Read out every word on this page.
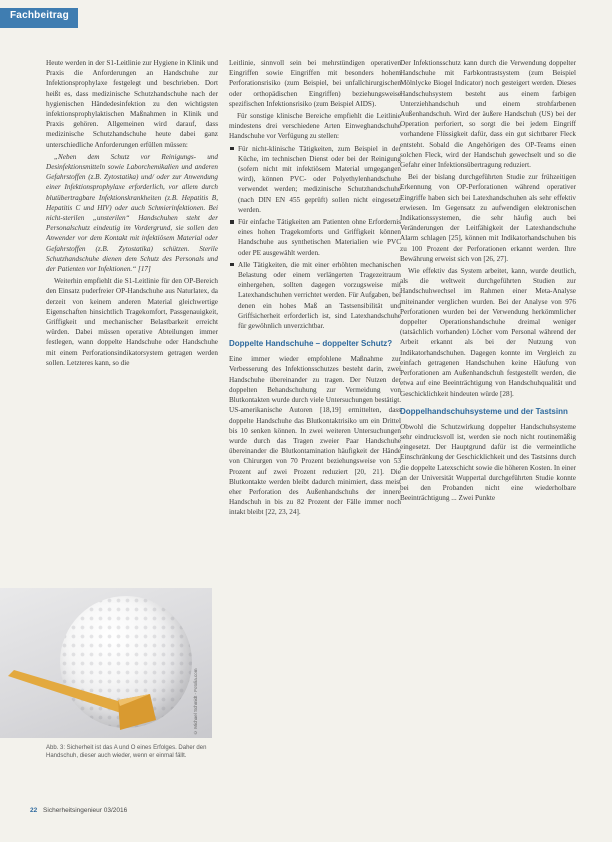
Fachbeitrag

Heute werden in der S1-Leitlinie zur Hygiene in Klinik und Praxis die Anforderungen an Handschuhe zur Infektionsprophylaxe festgelegt und beschrieben. Dort heißt es, dass medizinische Schutzhandschuhe nach der hygienischen Händedesinfektion zu den wichtigsten infektionsprophylaktischen Maßnahmen in Klinik und Praxis gehören. Allgemeinen wird darauf, dass medizinische Schutzhandschuhe heute dabei ganz unterschiedliche Anforderungen erfüllen müssen:

„Neben dem Schutz vor Reinigungs- und Desinfektionsmitteln sowie Laborchemikalien und anderen Gefahrstoffen (z.B. Zytostatika) und/ oder zur Anwendung einer Infektionsprophylaxe erforderlich, vor allem durch blutübertragbare Infektionskrankheiten (z.B. Hepatitis B, Hepatitis C und HIV) oder auch Schmierinfektionen. Bei nicht-sterilen „unsterilen“ Handschuhen steht der Personalschutz eindeutig im Vordergrund, sie sollen den Anwender vor dem Kontakt mit infektiösem Material oder Gefahrstoffen (z.B. Zytostatika) schützen. Sterile Schutzhandschuhe dienen dem Schutz des Personals und der Patienten vor Infektionen.“ [17]

Weiterhin empfiehlt die S1-Leitlinie für den OP-Bereich den Einsatz puderfreier OP-Handschuhe aus Naturlatex, da derzeit von keinem anderen Material gleichwertige Eigenschaften hinsichtlich Tragekomfort, Passgenauigkeit, Griffigkeit und mechanischer Belastbarkeit erreicht würden. Dabei müssen operative Abteilungen immer festlegen, wann doppelte Handschuhe oder Handschuhe mit einem Perforationsindikatorsystem getragen werden sollen. Letzteres kann, so die

Leitlinie, sinnvoll sein bei mehrstündigen operativen Eingriffen sowie Eingriffen mit besonders hohem Perforationsrisiko (zum Beispiel, bei unfallchirurgischen oder orthopädischen Eingriffen) beziehungsweise spezifischen Infektionsrisiko (zum Beispiel AIDS).

Für sonstige klinische Bereiche empfiehlt die Leitlinie mindestens drei verschiedene Arten Einweghandschuhe Handschuhe vor Verfügung zu stellen:

Für nicht-klinische Tätigkeiten, zum Beispiel in der Küche, im technischen Dienst oder bei der Reinigung (sofern nicht mit infektiösem Material umgegangen wird), können PVC- oder Polyethylenhandschuhe verwendet werden; medizinische Schutzhandschuhe (nach DIN EN 455 geprüft) sollen nicht eingesetzt werden.
Für einfache Tätigkeiten am Patienten ohne Erfordernis eines hohen Tragekomforts und Griffigkeit können Handschuhe aus synthetischen Materialien wie PVC oder PE ausgewählt werden.
Alle Tätigkeiten, die mit einer erhöhten mechanischen Belastung oder einem verlängerten Tragezeitraum einhergehen, sollten dagegen vorzugsweise mit Latexhandschuhen verrichtet werden. Für Aufgaben, bei denen ein hohes Maß an Tastsensibilität und Griffsicherheit erforderlich ist, sind Latexhandschuhe für gewöhnlich unverzichtbar.
Doppelte Handschuhe – doppelter Schutz?

Eine immer wieder empfohlene Maßnahme zur Verbesserung des Infektionsschutzes besteht darin, zwei Handschuhe übereinander zu tragen. Der Nutzen der doppelten Behandschuhung zur Vermeidung von Blutkontakten wurde durch viele Untersuchungen bestätigt. US-amerikanische Autoren [18,19] ermittelten, dass doppelte Handschuhe das Blutkontaktrisiko um ein Drittel bis 10 senken können. In zwei weiteren Untersuchungen wurde durch das Tragen zweier Paar Handschuhe übereinander die Blutkontamination häufigkeit der Hände von Chirurgen von 70 Prozent beziehungsweise von 53 Prozent auf zwei Prozent reduziert [20, 21]. Die Blutkontakte werden bleibt dadurch minimiert, dass meist eher Perforation des Außenhandschuhs der innere Handschuh in bis zu 82 Prozent der Fälle immer noch intakt bleibt [22, 23, 24].

Der Infektionsschutz kann durch die Verwendung doppelter Handschuhe mit Farbkontrastsystem (zum Beispiel Mölnlycke Biogel Indicator) noch gesteigert werden. Dieses Handschuhsystem besteht aus einem farbigen Unterziehhandschuh und einem strohfarbenen Außenhandschuh. Wird der äußere Handschuh (US) bei der Operation perforiert, so sorgt die bei jedem Eingriff vorhandene Flüssigkeit dafür, dass ein gut sichtbarer Fleck entsteht. Sobald die Angehörigen des OP-Teams einen solchen Fleck, wird der Handschuh gewechselt und so die Gefahr einer Infektionsübertragung reduziert.

Bei der bislang durchgeführten Studie zur frühzeitigen Erkennung von OP-Perforationen während operativer Eingriffe haben sich bei Latexhandschuhen als sehr effektiv erwiesen. Im Gegensatz zu aufwendigen elektronischen Indikationssystemen, die sehr häufig auch bei Veränderungen der Leitfähigkeit der Latexhandschuhe Alarm schlagen [25], können mit Indikatorhandschuhen bis zu 100 Prozent der Perforationen erkannt werden. Ihre Bewährung erweist sich von [26, 27].

Wie effektiv das System arbeitet, kann, wurde deutlich, als die weltweit durchgeführten Studien zur Handschuhwechsel im Rahmen einer Meta-Analyse miteinander verglichen wurden. Bei der Analyse von 976 Perforationen wurden bei der Verwendung herkömmlicher doppelter Operationshandschuhe dreimal weniger (tatsächlich vorhanden) Löcher vom Personal während der Arbeit erkannt als bei der Nutzung von Indikatorhandschuhen. Dagegen konnte im Vergleich zu einfach getragenen Handschuhen keine Häufung von Perforationen am Außenhandschuh festgestellt werden, die etwa auf eine Beeinträchtigung von Handschuhqualität und Geschicklichkeit hindeuten würde [28].

Doppelhandschuhsysteme und der Tastsinn

Obwohl die Schutzwirkung doppelter Handschuhsysteme sehr eindrucksvoll ist, werden sie noch nicht routinemäßig eingesetzt. Der Hauptgrund dafür ist die vermeintliche Einschränkung der Geschicklichkeit und des Tastsinns durch die doppelte Latexschicht sowie die höheren Kosten. In einer an der Universität Wuppertal durchgeführten Studie konnte bei den Probanden nicht eine wiederholbare Beeinträchtigung ... Zwei Punkte

© Michael Schmidt - Fotolia.com
Abb. 3: Sicherheit ist das A und O eines Erfolges. Daher den Handschuh, dieser auch wieder, wenn er einmal fällt.
22 Sicherheitsingenieur 03/2016
